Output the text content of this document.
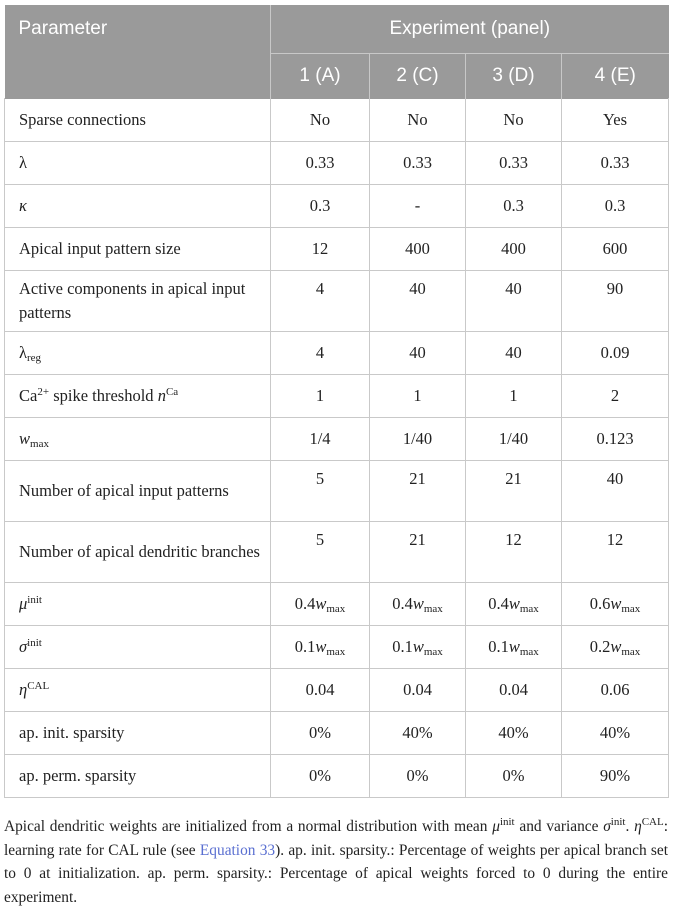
Parameter	Experiment (panel)			
	1 (A)	2 (C)	3 (D)	4 (E)
Sparse connections	No	No	No	Yes
λ	0.33	0.33	0.33	0.33
κ	0.3	-	0.3	0.3
Apical input pattern size	12	400	400	600
Active components in apical input patterns	4	40	40	90
$\lambda_{reg}$	4	40	40	0.09
$Ca^{2+}$ spike threshold $n^{Ca}$	1	1	1	2
$w_{max}$	1/4	1/40	1/40	0.123
Number of apical input patterns	5	21	21	40
Number of apical dendritic branches	5	21	12	12
$\mu^{init}$	$0.4w_{max}$	$0.4w_{max}$	$0.4w_{max}$	$0.6w_{max}$
$\sigma^{init}$	$0.1w_{max}$	$0.1w_{max}$	$0.1w_{max}$	$0.2w_{max}$
$\eta^{CAL}$	0.04	0.04	0.04	0.06
ap. init. sparsity	0%	40%	40%	40%
ap. perm. sparsity	0%	0%	0%	90%
Apical dendritic weights are initialized from a normal distribution with mean $\mu^{init}$ and variance $\sigma^{init}$. $\eta^{CAL}$: learning rate for CAL rule (see Equation 33). ap. init. sparsity.: Percentage of weights per apical branch set to 0 at initialization. ap. perm. sparsity.: Percentage of apical weights forced to 0 during the entire experiment.
